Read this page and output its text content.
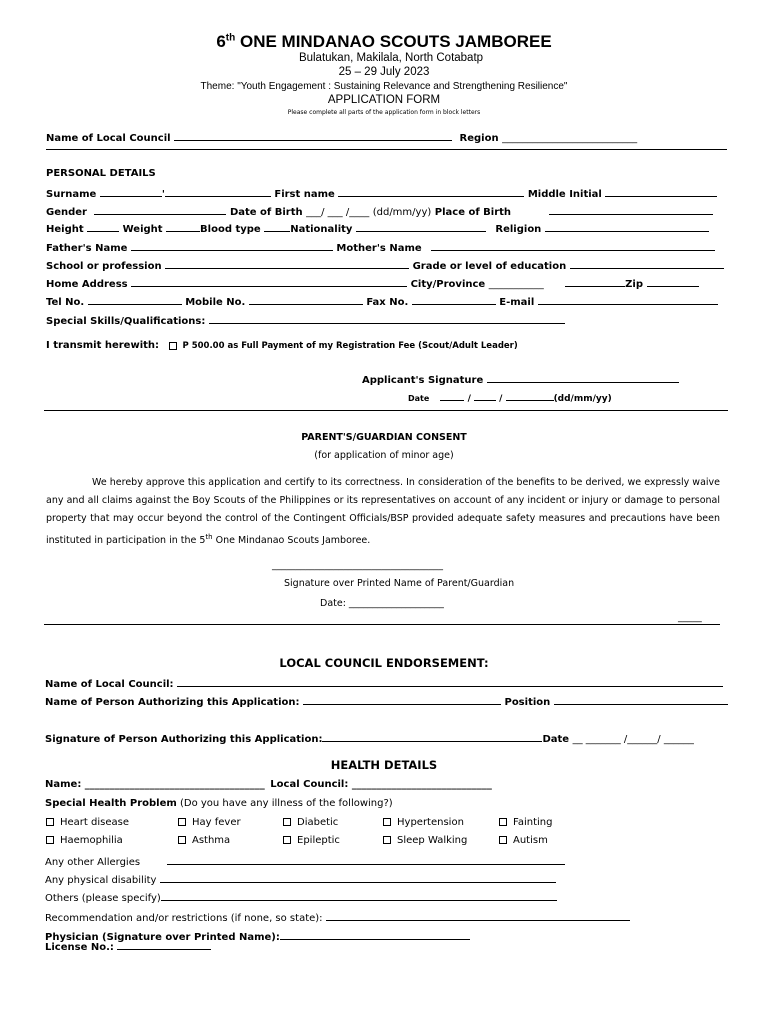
6th ONE MINDANAO SCOUTS JAMBOREE
Bulatukan, Makilala, North Cotabatp
25 – 29 July 2023
Theme: "Youth Engagement : Sustaining Relevance and Strengthening Resilience"
APPLICATION FORM
Please complete all parts of the application form in block letters
Name of Local Council	Region ___________________________
PERSONAL DETAILS
Surname	'	First name	Middle Initial
Gender	Date of Birth ___/ ___ /____ (dd/mm/yy) Place of Birth
Height	Weight	Blood type	Nationality	Religion
Father's Name	Mother's Name
School or profession	Grade or level of education
Home Address	City/Province ___________	Zip
Tel No.	Mobile No.	Fax No.	E-mail
Special Skills/Qualifications:
I transmit herewith:	P 500.00 as Full Payment of my Registration Fee (Scout/Adult Leader)
Applicant's Signature
Date	/  /	(dd/mm/yy)
PARENT'S/GUARDIAN CONSENT
(for application of minor age)
We hereby approve this application and certify to its correctness. In consideration of the benefits to be derived, we expressly waive any and all claims against the Boy Scouts of the Philippines or its representatives on account of any incident or injury or damage to personal property that may occur beyond the control of the Contingent Officials/BSP provided adequate safety measures and precautions have been instituted in participation in the 5th One Mindanao Scouts Jamboree.
____________________________________
Signature over Printed Name of Parent/Guardian
Date: ____________________
_____
LOCAL COUNCIL ENDORSEMENT:
Name of Local Council:
Name of Person Authorizing this Application:	Position
Signature of Person Authorizing this Application:	Date __ _______ /______/ ______
HEALTH DETAILS
Name: ____________________________________ Local Council: ____________________________
Special Health Problem (Do you have any illness of the following?)
Heart disease	Hay fever	Diabetic	Hypertension	Fainting
Haemophilia	Asthma	Epileptic	Sleep Walking	Autism
Any other Allergies
Any physical disability
Others (please specify)
Recommendation and/or restrictions (if none, so state):
Physician (Signature over Printed Name):
License No.:
